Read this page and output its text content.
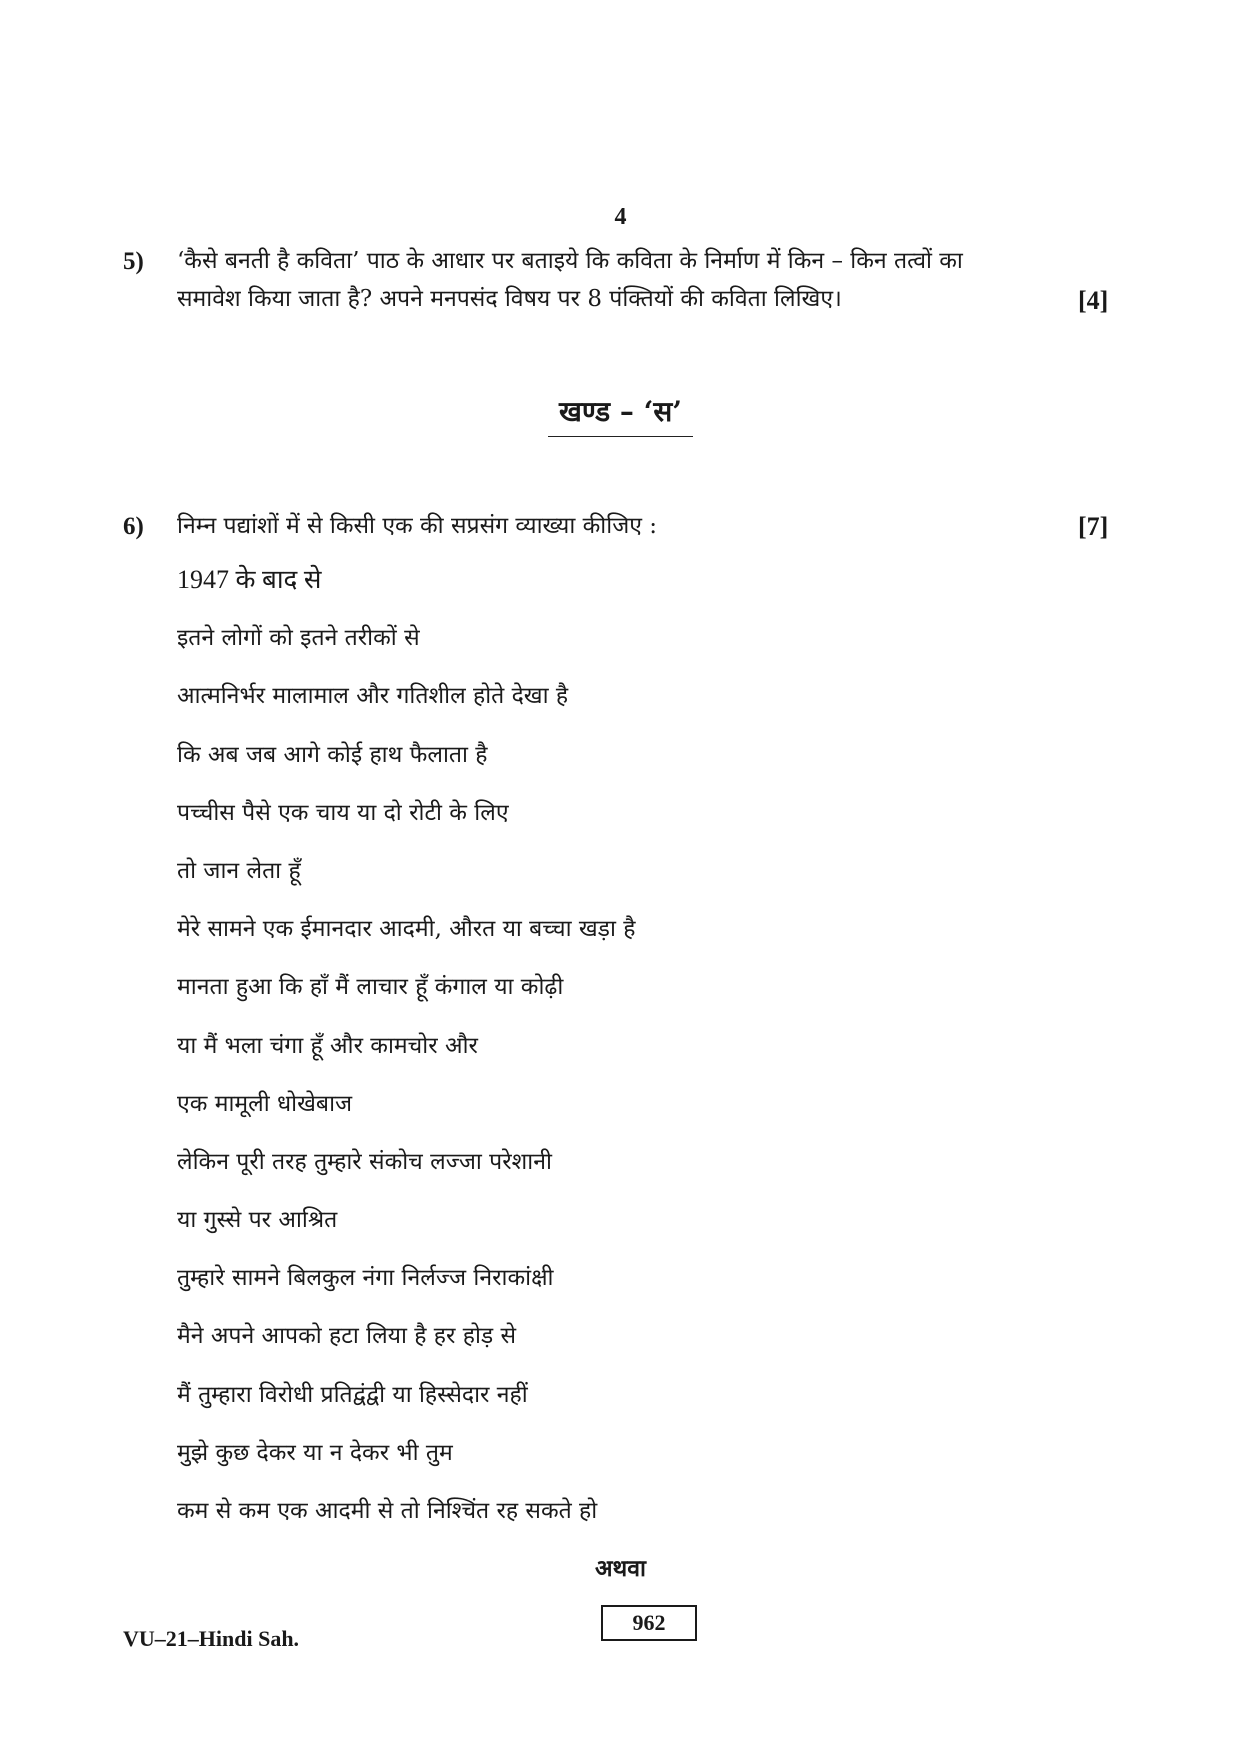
4
5) ‘कैसे बनती है कविता’ पाठ के आधार पर बताइये कि कविता के निर्माण में किन – किन तत्वों का
समावेश किया जाता है? अपने मनपसंद विषय पर 8 पंक्तियों की कविता लिखिए।	[4]
खण्ड – ‘स’
6) निम्न पद्यांशों में से किसी एक की सप्रसंग व्याख्या कीजिए :	[7]
1947 के बाद से
इतने लोगों को इतने तरीकों से
आत्मनिर्भर मालामाल और गतिशील होते देखा है
कि अब जब आगे कोई हाथ फैलाता है
पच्चीस पैसे एक चाय या दो रोटी के लिए
तो जान लेता हूँ
मेरे सामने एक ईमानदार आदमी, औरत या बच्चा खड़ा है
मानता हुआ कि हाँ मैं लाचार हूँ कंगाल या कोढ़ी
या मैं भला चंगा हूँ और कामचोर और
एक मामूली धोखेबाज
लेकिन पूरी तरह तुम्हारे संकोच लज्जा परेशानी
या गुस्से पर आश्रित
तुम्हारे सामने बिलकुल नंगा निर्लज्ज निराकांक्षी
मैने अपने आपको हटा लिया है हर होड़ से
मैं तुम्हारा विरोधी प्रतिद्वंद्वी या हिस्सेदार नहीं
मुझे कुछ देकर या न देकर भी तुम
कम से कम एक आदमी से तो निश्चिंत रह सकते हो
अथवा
VU–21–Hindi Sah.
962
